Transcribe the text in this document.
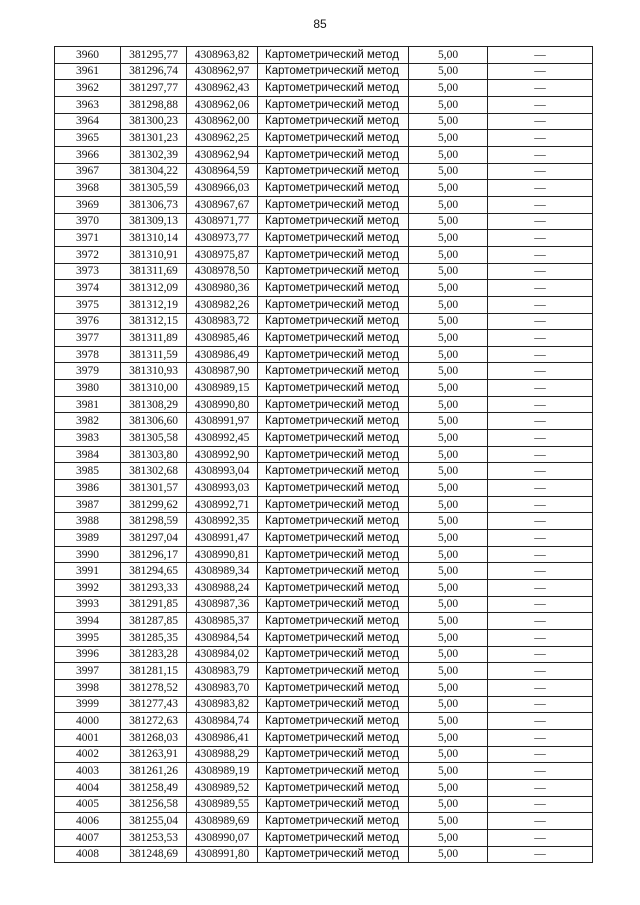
85
3960	381295,77	4308963,82	Картометрический метод	5,00	—
3961	381296,74	4308962,97	Картометрический метод	5,00	—
3962	381297,77	4308962,43	Картометрический метод	5,00	—
3963	381298,88	4308962,06	Картометрический метод	5,00	—
3964	381300,23	4308962,00	Картометрический метод	5,00	—
3965	381301,23	4308962,25	Картометрический метод	5,00	—
3966	381302,39	4308962,94	Картометрический метод	5,00	—
3967	381304,22	4308964,59	Картометрический метод	5,00	—
3968	381305,59	4308966,03	Картометрический метод	5,00	—
3969	381306,73	4308967,67	Картометрический метод	5,00	—
3970	381309,13	4308971,77	Картометрический метод	5,00	—
3971	381310,14	4308973,77	Картометрический метод	5,00	—
3972	381310,91	4308975,87	Картометрический метод	5,00	—
3973	381311,69	4308978,50	Картометрический метод	5,00	—
3974	381312,09	4308980,36	Картометрический метод	5,00	—
3975	381312,19	4308982,26	Картометрический метод	5,00	—
3976	381312,15	4308983,72	Картометрический метод	5,00	—
3977	381311,89	4308985,46	Картометрический метод	5,00	—
3978	381311,59	4308986,49	Картометрический метод	5,00	—
3979	381310,93	4308987,90	Картометрический метод	5,00	—
3980	381310,00	4308989,15	Картометрический метод	5,00	—
3981	381308,29	4308990,80	Картометрический метод	5,00	—
3982	381306,60	4308991,97	Картометрический метод	5,00	—
3983	381305,58	4308992,45	Картометрический метод	5,00	—
3984	381303,80	4308992,90	Картометрический метод	5,00	—
3985	381302,68	4308993,04	Картометрический метод	5,00	—
3986	381301,57	4308993,03	Картометрический метод	5,00	—
3987	381299,62	4308992,71	Картометрический метод	5,00	—
3988	381298,59	4308992,35	Картометрический метод	5,00	—
3989	381297,04	4308991,47	Картометрический метод	5,00	—
3990	381296,17	4308990,81	Картометрический метод	5,00	—
3991	381294,65	4308989,34	Картометрический метод	5,00	—
3992	381293,33	4308988,24	Картометрический метод	5,00	—
3993	381291,85	4308987,36	Картометрический метод	5,00	—
3994	381287,85	4308985,37	Картометрический метод	5,00	—
3995	381285,35	4308984,54	Картометрический метод	5,00	—
3996	381283,28	4308984,02	Картометрический метод	5,00	—
3997	381281,15	4308983,79	Картометрический метод	5,00	—
3998	381278,52	4308983,70	Картометрический метод	5,00	—
3999	381277,43	4308983,82	Картометрический метод	5,00	—
4000	381272,63	4308984,74	Картометрический метод	5,00	—
4001	381268,03	4308986,41	Картометрический метод	5,00	—
4002	381263,91	4308988,29	Картометрический метод	5,00	—
4003	381261,26	4308989,19	Картометрический метод	5,00	—
4004	381258,49	4308989,52	Картометрический метод	5,00	—
4005	381256,58	4308989,55	Картометрический метод	5,00	—
4006	381255,04	4308989,69	Картометрический метод	5,00	—
4007	381253,53	4308990,07	Картометрический метод	5,00	—
4008	381248,69	4308991,80	Картометрический метод	5,00	—
